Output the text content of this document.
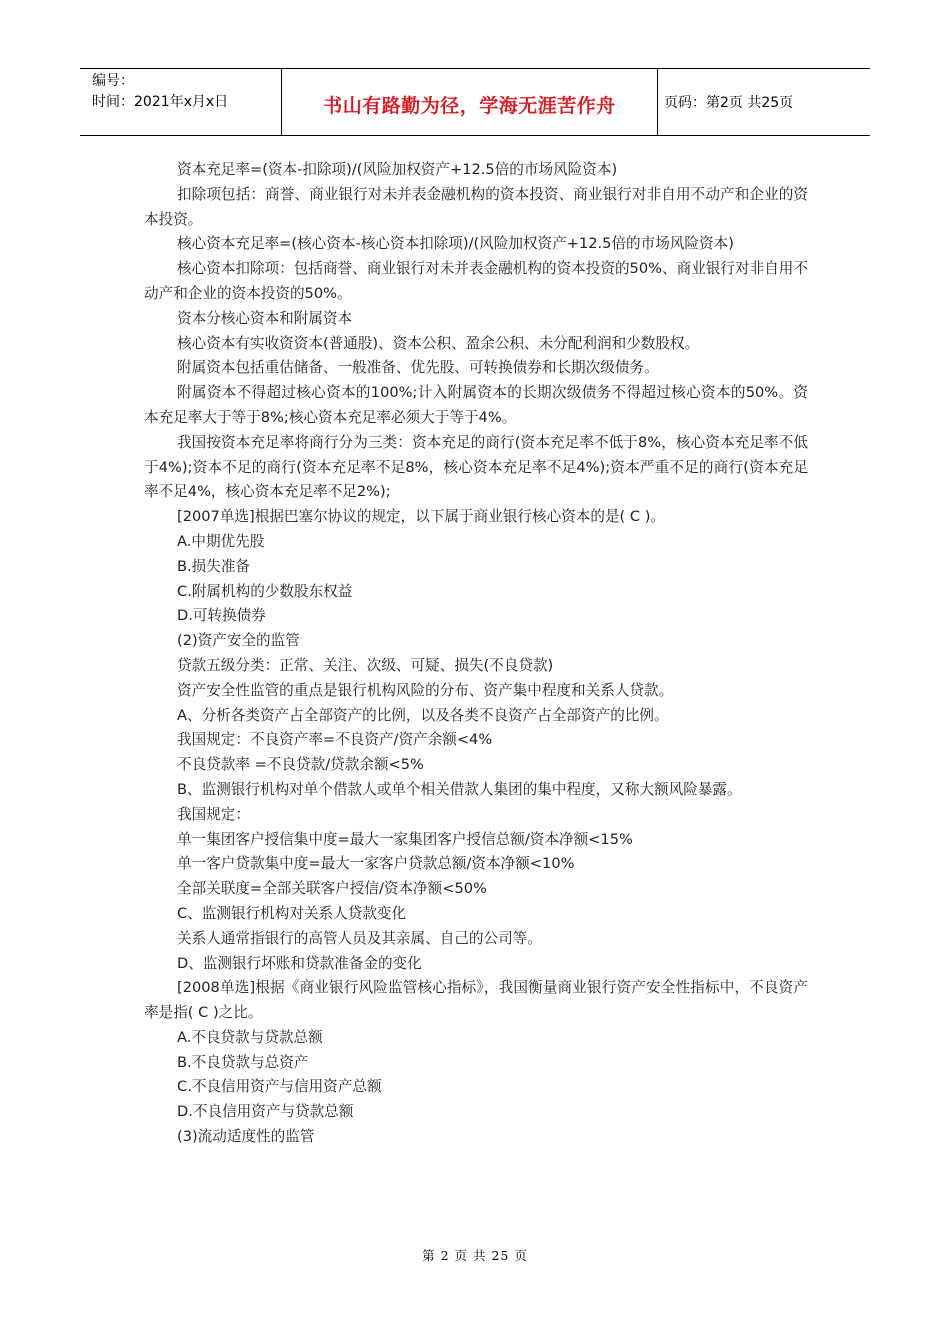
编号：
时间：2021年x月x日	书山有路勤为径，学海无涯苦作舟	页码：第2页 共25页

资本充足率=(资本-扣除项)/(风险加权资产+12.5倍的市场风险资本)

扣除项包括：商誉、商业银行对未并表金融机构的资本投资、商业银行对非自用不动产和企业的资本投资。

核心资本充足率=(核心资本-核心资本扣除项)/(风险加权资产+12.5倍的市场风险资本)

核心资本扣除项：包括商誉、商业银行对未并表金融机构的资本投资的50%、商业银行对非自用不动产和企业的资本投资的50%。

资本分核心资本和附属资本

核心资本有实收资资本(普通股)、资本公积、盈余公积、未分配利润和少数股权。

附属资本包括重估储备、一般准备、优先股、可转换债券和长期次级债务。

附属资本不得超过核心资本的100%;计入附属资本的长期次级债务不得超过核心资本的50%。资本充足率大于等于8%;核心资本充足率必须大于等于4%。

我国按资本充足率将商行分为三类：资本充足的商行(资本充足率不低于8%，核心资本充足率不低于4%);资本不足的商行(资本充足率不足8%，核心资本充足率不足4%);资本严重不足的商行(资本充足率不足4%，核心资本充足率不足2%);

[2007单选]根据巴塞尔协议的规定，以下属于商业银行核心资本的是( C )。

A.中期优先股

B.损失准备

C.附属机构的少数股东权益

D.可转换债券

(2)资产安全的监管

贷款五级分类：正常、关注、次级、可疑、损失(不良贷款)

资产安全性监管的重点是银行机构风险的分布、资产集中程度和关系人贷款。

A、分析各类资产占全部资产的比例，以及各类不良资产占全部资产的比例。

我国规定：不良资产率=不良资产/资产余额<4%

不良贷款率 =不良贷款/贷款余额<5%

B、监测银行机构对单个借款人或单个相关借款人集团的集中程度，又称大额风险暴露。

我国规定：

单一集团客户授信集中度=最大一家集团客户授信总额/资本净额<15%

单一客户贷款集中度=最大一家客户贷款总额/资本净额<10%

全部关联度=全部关联客户授信/资本净额<50%

C、监测银行机构对关系人贷款变化

关系人通常指银行的高管人员及其亲属、自己的公司等。

D、监测银行坏账和贷款准备金的变化

[2008单选]根据《商业银行风险监管核心指标》，我国衡量商业银行资产安全性指标中，不良资产率是指( C )之比。

A.不良贷款与贷款总额

B.不良贷款与总资产

C.不良信用资产与信用资产总额

D.不良信用资产与贷款总额

(3)流动适度性的监管

第 2 页 共 25 页
